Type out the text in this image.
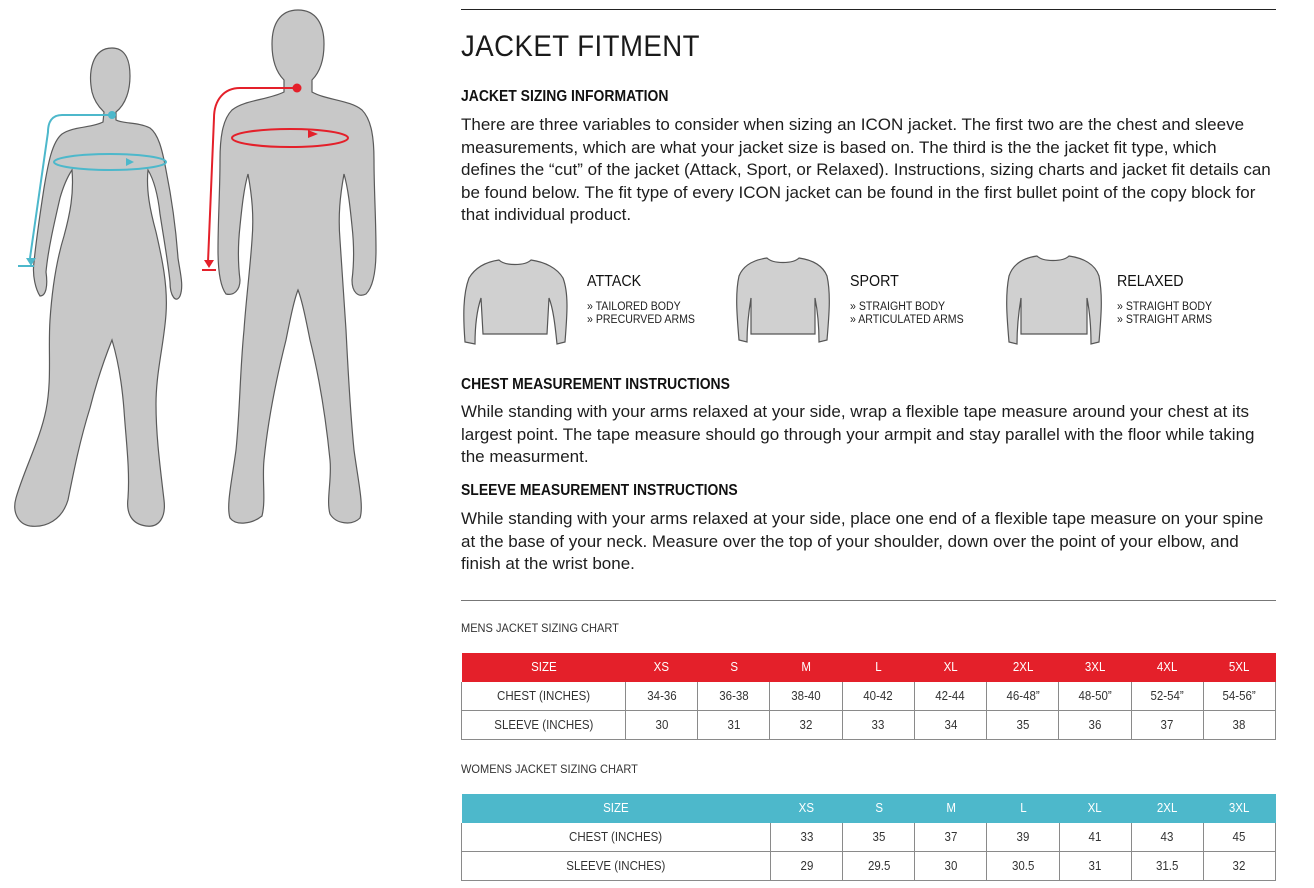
JACKET FITMENT
JACKET SIZING INFORMATION

There are three variables to consider when sizing an ICON jacket. The first two are the chest and sleeve measurements, which are what your jacket size is based on. The third is the the jacket fit type, which defines the “cut” of the jacket (Attack, Sport, or Relaxed). Instructions, sizing charts and jacket fit details can be found below. The fit type of every ICON jacket can be found in the first bullet point of the copy block for that individual product.

ATTACK
» TAILORED BODY
» PRECURVED ARMS
SPORT
» STRAIGHT BODY
» ARTICULATED ARMS
RELAXED
» STRAIGHT BODY
» STRAIGHT ARMS
CHEST MEASUREMENT INSTRUCTIONS

While standing with your arms relaxed at your side, wrap a flexible tape measure around your chest at its largest point. The tape measure should go through your armpit and stay parallel with the floor while taking the measurment.

SLEEVE MEASUREMENT INSTRUCTIONS

While standing with your arms relaxed at your side, place one end of a flexible tape measure on your spine at the base of your neck. Measure over the top of your shoulder, down over the point of your elbow, and finish at the wrist bone.

MENS JACKET SIZING CHART
SIZE	XS	S	M	L	XL	2XL	3XL	4XL	5XL
CHEST (INCHES)	34-36	36-38	38-40	40-42	42-44	46-48”	48-50”	52-54”	54-56”
SLEEVE (INCHES)	30	31	32	33	34	35	36	37	38
WOMENS JACKET SIZING CHART
SIZE	XS	S	M	L	XL	2XL	3XL
CHEST (INCHES)	33	35	37	39	41	43	45
SLEEVE (INCHES)	29	29.5	30	30.5	31	31.5	32
